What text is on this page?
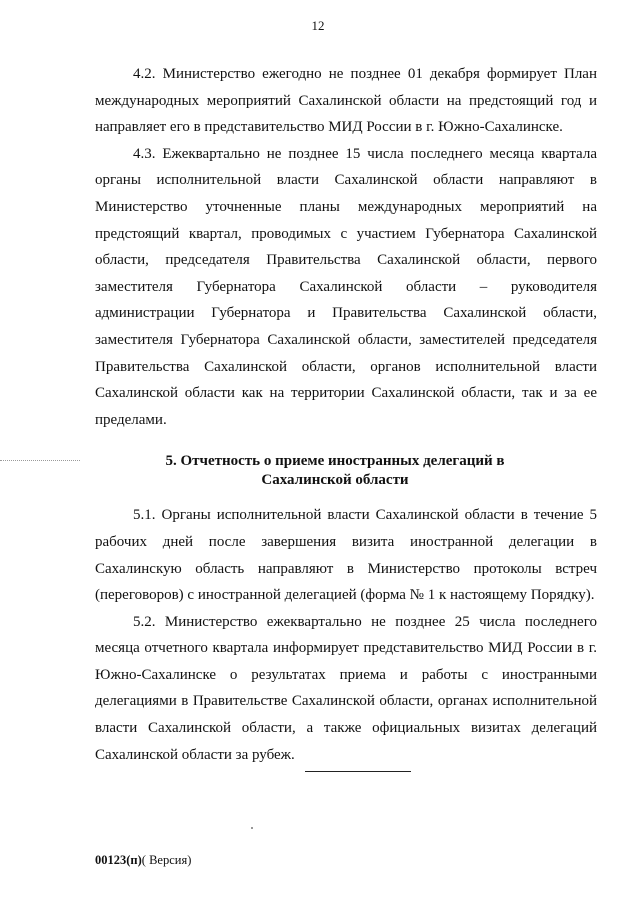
12

4.2. Министерство ежегодно не позднее 01 декабря формирует План международных мероприятий Сахалинской области на предстоящий год и направляет его в представительство МИД России в г. Южно-Сахалинске.

4.3. Ежеквартально не позднее 15 числа последнего месяца квартала органы исполнительной власти Сахалинской области направляют в Министерство уточненные планы международных мероприятий на предстоящий квартал, проводимых с участием Губернатора Сахалинской области, председателя Правительства Сахалинской области, первого заместителя Губернатора Сахалинской области – руководителя администрации Губернатора и Правительства Сахалинской области, заместителя Губернатора Сахалинской области, заместителей председателя Правительства Сахалинской области, органов исполнительной власти Сахалинской области как на территории Сахалинской области, так и за ее пределами.

5. Отчетность о приеме иностранных делегаций в
Сахалинской области

5.1. Органы исполнительной власти Сахалинской области в течение 5 рабочих дней после завершения визита иностранной делегации в Сахалинскую область направляют в Министерство протоколы встреч (переговоров) с иностранной делегацией (форма № 1 к настоящему Порядку).

5.2. Министерство ежеквартально не позднее 25 числа последнего месяца отчетного квартала информирует представительство МИД России в г. Южно-Сахалинске о результатах приема и работы с иностранными делегациями в Правительстве Сахалинской области, органах исполнительной власти Сахалинской области, а также официальных визитах делегаций Сахалинской области за рубеж.

00123(п)( Версия)
